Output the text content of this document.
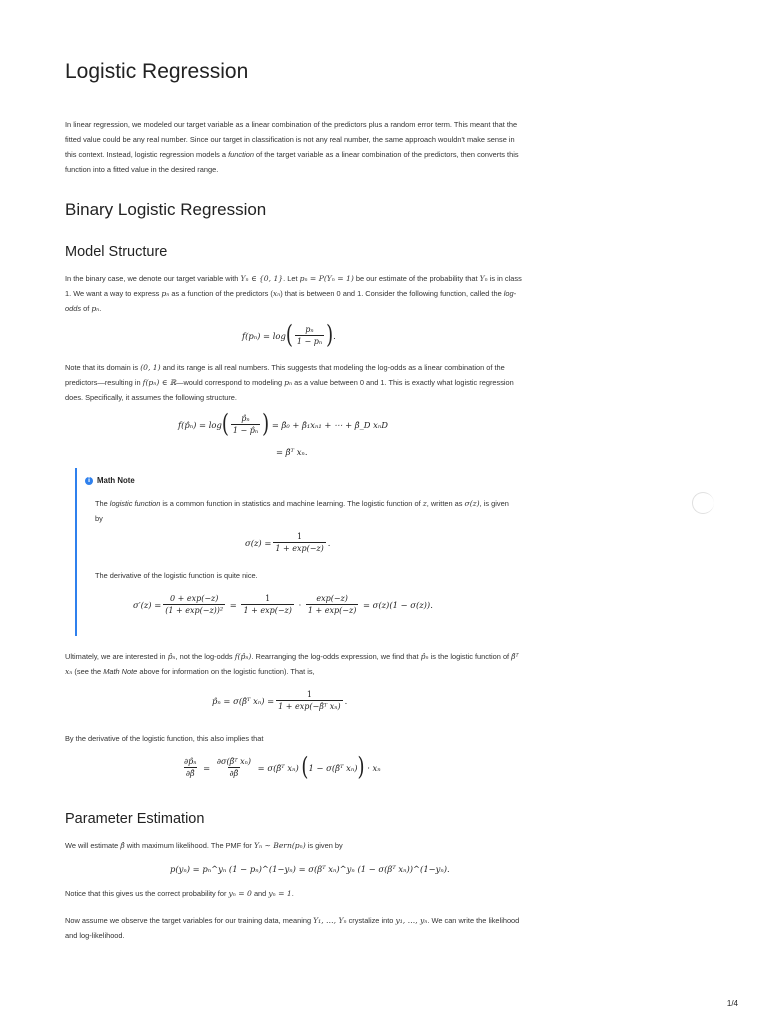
Logistic Regression
In linear regression, we modeled our target variable as a linear combination of the predictors plus a random error term. This meant that the fitted value could be any real number. Since our target in classification is not any real number, the same approach wouldn't make sense in this context. Instead, logistic regression models a function of the target variable as a linear combination of the predictors, then converts this function into a fitted value in the desired range.
Binary Logistic Regression
Model Structure
In the binary case, we denote our target variable with Yₙ ∈ {0, 1}. Let pₙ = P(Yₙ = 1) be our estimate of the probability that Yₙ is in class 1. We want a way to express pₙ as a function of the predictors (xₙ) that is between 0 and 1. Consider the following function, called the log-odds of pₙ.
f(pₙ) = log ( $\frac{\text{pₙ}}{\text{1 − pₙ}}$ ) .
Note that its domain is (0, 1) and its range is all real numbers. This suggests that modeling the log-odds as a linear combination of the predictors—resulting in f(pₙ) ∈ ℝ—would correspond to modeling pₙ as a value between 0 and 1. This is exactly what logistic regression does. Specifically, it assumes the following structure.
f(p̂ₙ) = log ( $\frac{\text{p̂ₙ}}{\text{1 − p̂ₙ}}$ )
= β̂₀ + β̂₁xₙ₁ + ⋯ + β̂_D xₙD
= β̂ᵀ xₙ.
i Math Note
The logistic function is a common function in statistics and machine learning. The logistic function of z, written as σ(z), is given by
$\sigma(z) = \frac{1}{1 + \exp(-z)}$ .
The derivative of the logistic function is quite nice.
$\sigma'(z) = \frac{0 + \exp(-z)}{\text{(1 + exp(−z))²}}$
=
$\frac{1}{1 + \exp(-z)}$
·
$\frac{\exp(-z)}{1 + \exp(-z)}$
= σ(z)(1 − σ(z)).
Ultimately, we are interested in p̂ₙ, not the log-odds f(p̂ₙ). Rearranging the log-odds expression, we find that p̂ₙ is the logistic function of β̂ᵀ xₙ (see the Math Note above for information on the logistic function). That is,
p̂ₙ = σ(β̂ᵀ $x_n) = \frac{1}{\text{1 + exp(−β̂ᵀ xₙ)}}$ .
By the derivative of the logistic function, this also implies that
$\frac{\text{∂p̂ₙ}}{\partial\betâ}$
=
$\frac{\text{∂σ(β̂ᵀ xₙ)}}{\partial\betâ}$
= σ(β̂ᵀ xₙ)
( 1 − σ(β̂ᵀ xₙ) )
· xₙ
Parameter Estimation
We will estimate β̂ with maximum likelihood. The PMF for Yₙ ∼ Bern(pₙ) is given by
p(yₙ) = pₙ^yₙ (1 − pₙ)^(1−yₙ) = σ(βᵀ xₙ)^yₙ (1 − σ(βᵀ xₙ))^(1−yₙ).
Notice that this gives us the correct probability for yₙ = 0 and yₙ = 1.
Now assume we observe the target variables for our training data, meaning Y₁, …, Yₙ crystalize into y₁, …, yₙ. We can write the likelihood and log-likelihood.
1/4
